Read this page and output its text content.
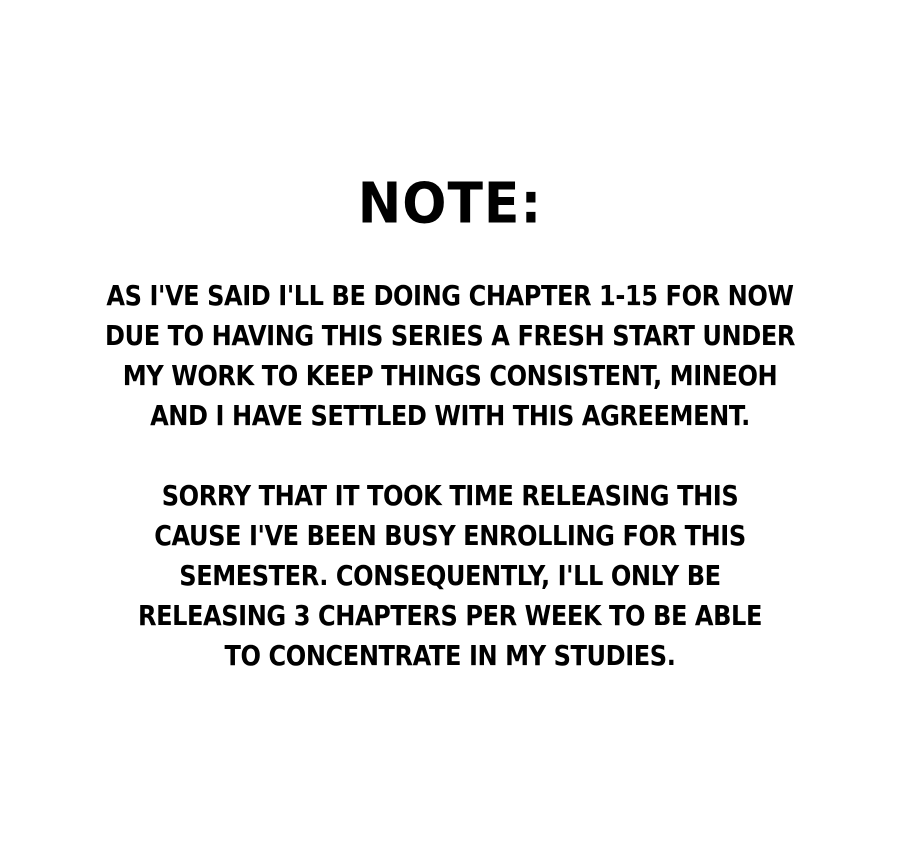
NOTE:
AS I'VE SAID I'LL BE DOING CHAPTER 1-15 FOR NOW
DUE TO HAVING THIS SERIES A FRESH START UNDER
MY WORK TO KEEP THINGS CONSISTENT, MINEOH
AND I HAVE SETTLED WITH THIS AGREEMENT.
SORRY THAT IT TOOK TIME RELEASING THIS
CAUSE I'VE BEEN BUSY ENROLLING FOR THIS
SEMESTER. CONSEQUENTLY, I'LL ONLY BE
RELEASING 3 CHAPTERS PER WEEK TO BE ABLE
TO CONCENTRATE IN MY STUDIES.
